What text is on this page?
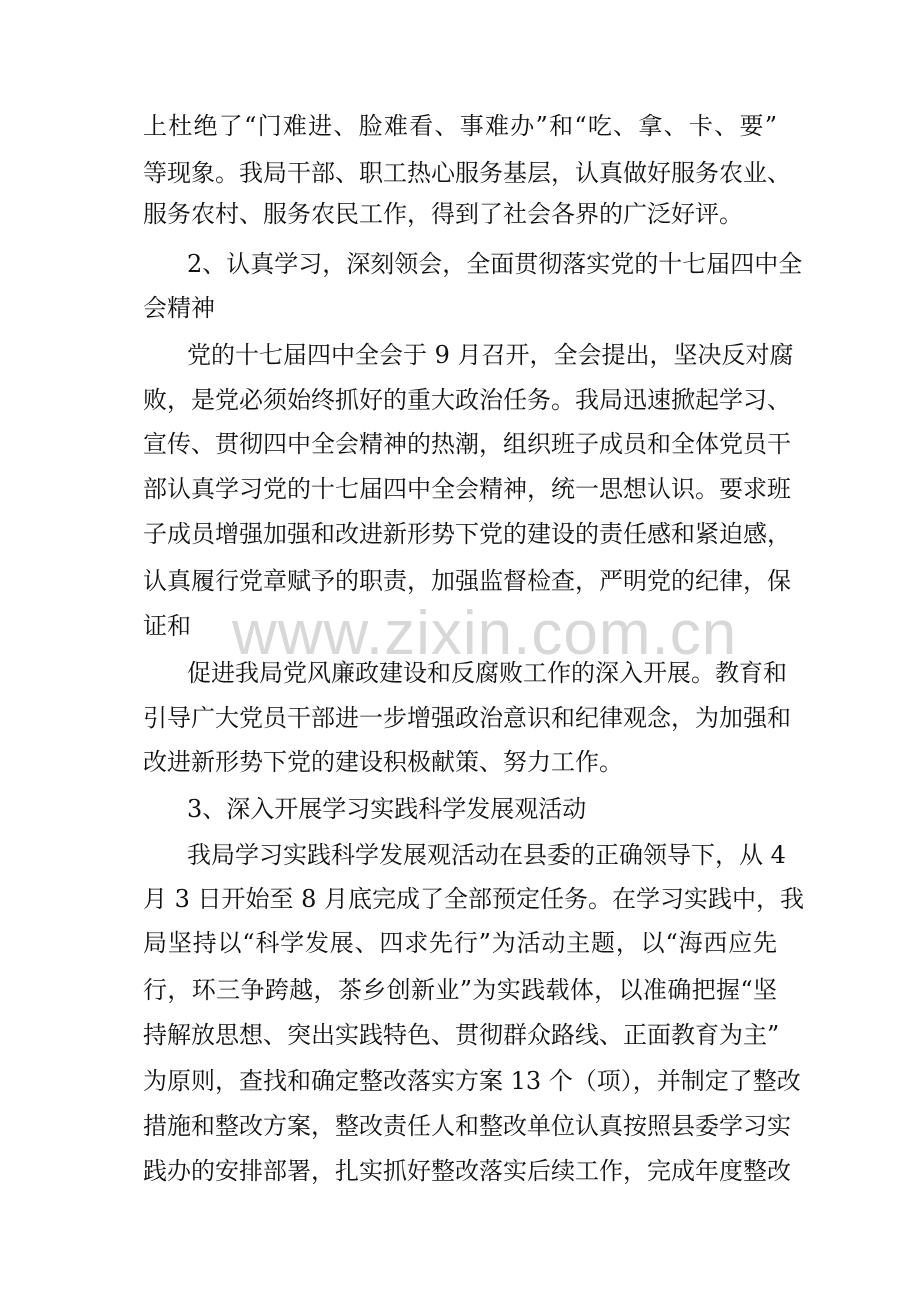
www.zixin.com.cn
上杜绝了“门难进、脸难看、事难办”和“吃、拿、卡、要”
等现象。我局干部、职工热心服务基层，认真做好服务农业、
服务农村、服务农民工作，得到了社会各界的广泛好评。
2、认真学习，深刻领会，全面贯彻落实党的十七届四中全
会精神
党的十七届四中全会于 9 月召开，全会提出，坚决反对腐
败，是党必须始终抓好的重大政治任务。我局迅速掀起学习、
宣传、贯彻四中全会精神的热潮，组织班子成员和全体党员干
部认真学习党的十七届四中全会精神，统一思想认识。要求班
子成员增强加强和改进新形势下党的建设的责任感和紧迫感，
认真履行党章赋予的职责，加强监督检查，严明党的纪律，保
证和
促进我局党风廉政建设和反腐败工作的深入开展。教育和
引导广大党员干部进一步增强政治意识和纪律观念，为加强和
改进新形势下党的建设积极献策、努力工作。
3、深入开展学习实践科学发展观活动
我局学习实践科学发展观活动在县委的正确领导下，从 4
月 3 日开始至 8 月底完成了全部预定任务。在学习实践中，我
局坚持以“科学发展、四求先行”为活动主题，以“海西应先
行，环三争跨越，茶乡创新业”为实践载体，以准确把握“坚
持解放思想、突出实践特色、贯彻群众路线、正面教育为主”
为原则，查找和确定整改落实方案 13 个（项），并制定了整改
措施和整改方案，整改责任人和整改单位认真按照县委学习实
践办的安排部署，扎实抓好整改落实后续工作，完成年度整改
